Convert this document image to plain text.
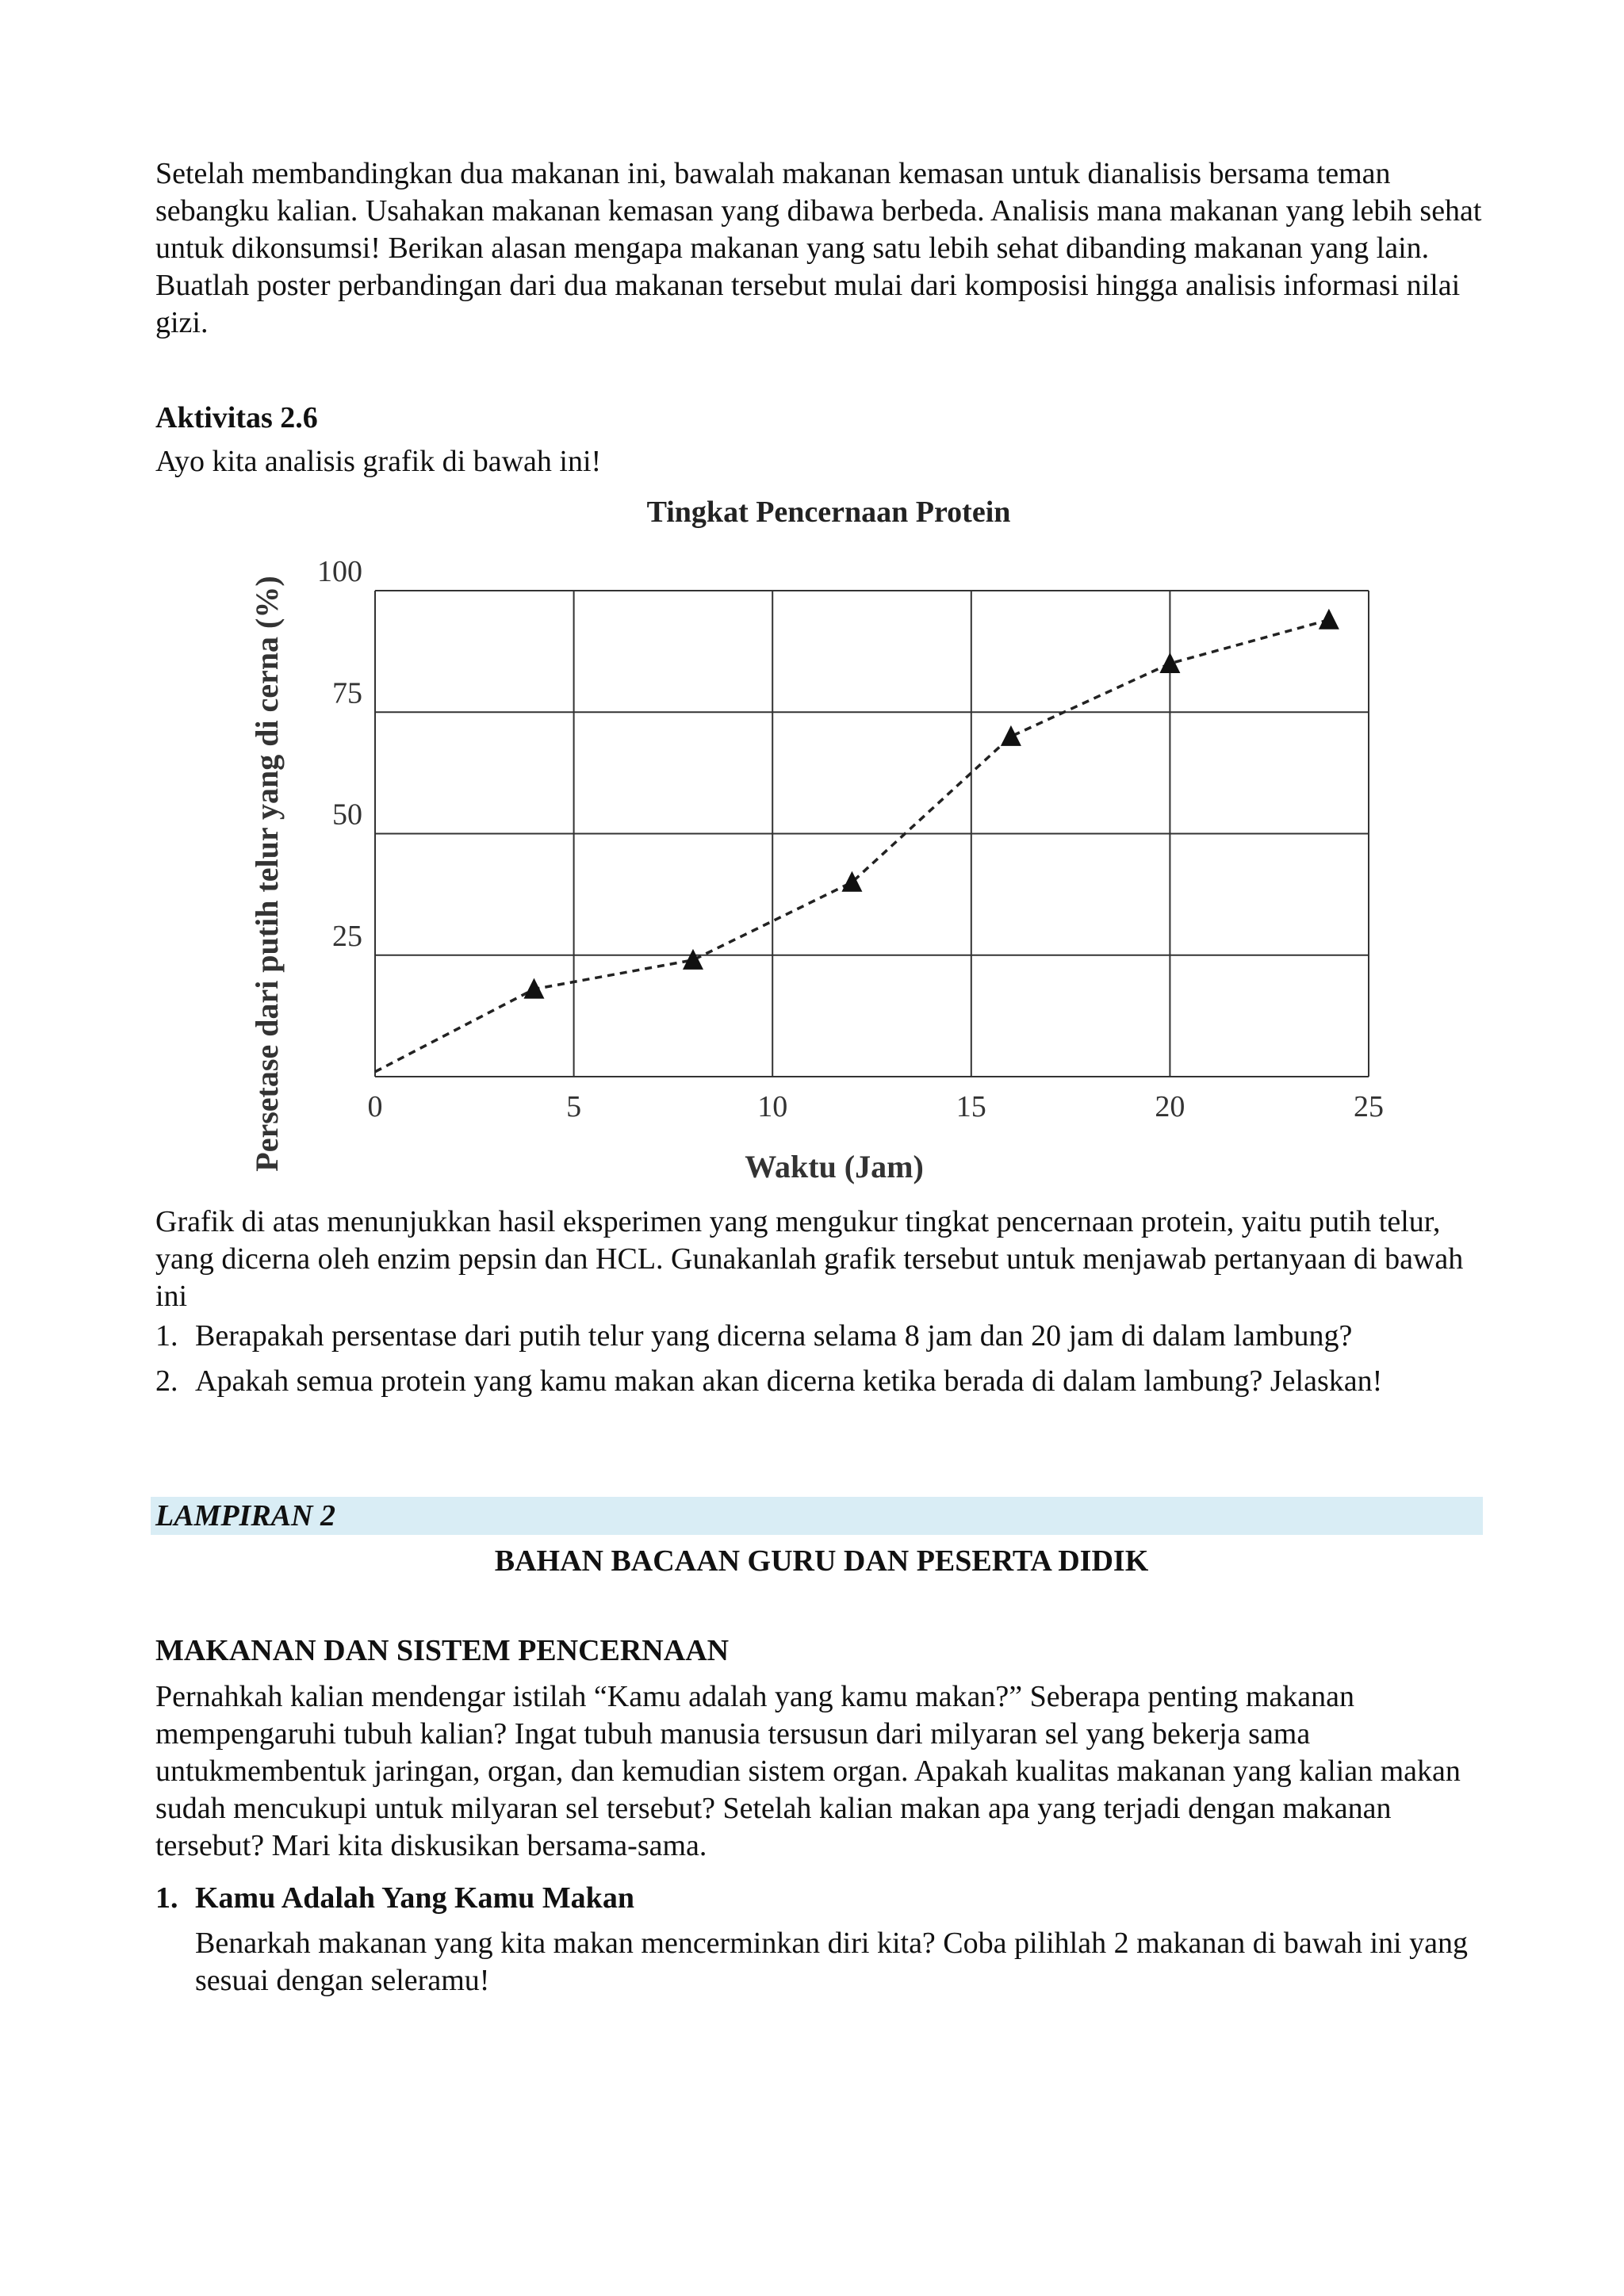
Setelah membandingkan dua makanan ini, bawalah makanan kemasan untuk dianalisis bersama teman sebangku kalian. Usahakan makanan kemasan yang dibawa berbeda. Analisis mana makanan yang lebih sehat untuk dikonsumsi! Berikan alasan mengapa makanan yang satu lebih sehat dibanding makanan yang lain. Buatlah poster perbandingan dari dua makanan tersebut mulai dari komposisi hingga analisis informasi nilai gizi.

Aktivitas 2.6

Ayo kita analisis grafik di bawah ini!

Tingkat Pencernaan Protein
Persetase dari putih telur yang di cerna (%)	Waktu (Jam)
0	5	10	15	20	25
25
50
75
100

Grafik di atas menunjukkan hasil eksperimen yang mengukur tingkat pencernaan protein, yaitu putih telur, yang dicerna oleh enzim pepsin dan HCL. Gunakanlah grafik tersebut untuk menjawab pertanyaan di bawah ini

1. Berapakah persentase dari putih telur yang dicerna selama 8 jam dan 20 jam di dalam lambung?
2. Apakah semua protein yang kamu makan akan dicerna ketika berada di dalam lambung? Jelaskan!

LAMPIRAN 2

BAHAN BACAAN GURU DAN PESERTA DIDIK

MAKANAN DAN SISTEM PENCERNAAN

Pernahkah kalian mendengar istilah “Kamu adalah yang kamu makan?” Seberapa penting makanan mempengaruhi tubuh kalian? Ingat tubuh manusia tersusun dari milyaran sel yang bekerja sama untukmembentuk jaringan, organ, dan kemudian sistem organ. Apakah kualitas makanan yang kalian makan sudah mencukupi untuk milyaran sel tersebut? Setelah kalian makan apa yang terjadi dengan makanan tersebut? Mari kita diskusikan bersama-sama.

1. Kamu Adalah Yang Kamu Makan

Benarkah makanan yang kita makan mencerminkan diri kita? Coba pilihlah 2 makanan di bawah ini yang sesuai dengan seleramu!
